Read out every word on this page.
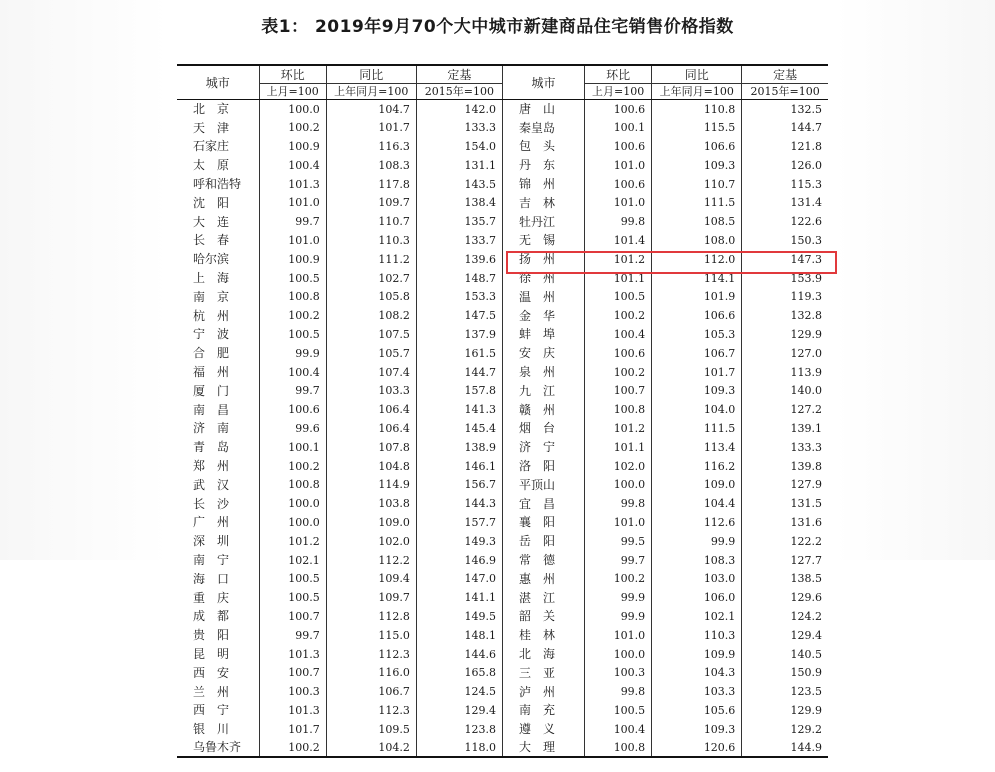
表1： 2019年9月70个大中城市新建商品住宅销售价格指数
城市	环比	同比	定基	城市	环比	同比	定基
	上月=100	上年同月=100	2015年=100		上月=100	上年同月=100	2015年=100
北　京	100.0	104.7	142.0	唐　山	100.6	110.8	132.5
天　津	100.2	101.7	133.3	秦皇岛	100.1	115.5	144.7
石家庄	100.9	116.3	154.0	包　头	100.6	106.6	121.8
太　原	100.4	108.3	131.1	丹　东	101.0	109.3	126.0
呼和浩特	101.3	117.8	143.5	锦　州	100.6	110.7	115.3
沈　阳	101.0	109.7	138.4	吉　林	101.0	111.5	131.4
大　连	99.7	110.7	135.7	牡丹江	99.8	108.5	122.6
长　春	101.0	110.3	133.7	无　锡	101.4	108.0	150.3
哈尔滨	100.9	111.2	139.6	扬　州	101.2	112.0	147.3
上　海	100.5	102.7	148.7	徐　州	101.1	114.1	153.9
南　京	100.8	105.8	153.3	温　州	100.5	101.9	119.3
杭　州	100.2	108.2	147.5	金　华	100.2	106.6	132.8
宁　波	100.5	107.5	137.9	蚌　埠	100.4	105.3	129.9
合　肥	99.9	105.7	161.5	安　庆	100.6	106.7	127.0
福　州	100.4	107.4	144.7	泉　州	100.2	101.7	113.9
厦　门	99.7	103.3	157.8	九　江	100.7	109.3	140.0
南　昌	100.6	106.4	141.3	赣　州	100.8	104.0	127.2
济　南	99.6	106.4	145.4	烟　台	101.2	111.5	139.1
青　岛	100.1	107.8	138.9	济　宁	101.1	113.4	133.3
郑　州	100.2	104.8	146.1	洛　阳	102.0	116.2	139.8
武　汉	100.8	114.9	156.7	平顶山	100.0	109.0	127.9
长　沙	100.0	103.8	144.3	宜　昌	99.8	104.4	131.5
广　州	100.0	109.0	157.7	襄　阳	101.0	112.6	131.6
深　圳	101.2	102.0	149.3	岳　阳	99.5	99.9	122.2
南　宁	102.1	112.2	146.9	常　德	99.7	108.3	127.7
海　口	100.5	109.4	147.0	惠　州	100.2	103.0	138.5
重　庆	100.5	109.7	141.1	湛　江	99.9	106.0	129.6
成　都	100.7	112.8	149.5	韶　关	99.9	102.1	124.2
贵　阳	99.7	115.0	148.1	桂　林	101.0	110.3	129.4
昆　明	101.3	112.3	144.6	北　海	100.0	109.9	140.5
西　安	100.7	116.0	165.8	三　亚	100.3	104.3	150.9
兰　州	100.3	106.7	124.5	泸　州	99.8	103.3	123.5
西　宁	101.3	112.3	129.4	南　充	100.5	105.6	129.9
银　川	101.7	109.5	123.8	遵　义	100.4	109.3	129.2
乌鲁木齐	100.2	104.2	118.0	大　理	100.8	120.6	144.9
